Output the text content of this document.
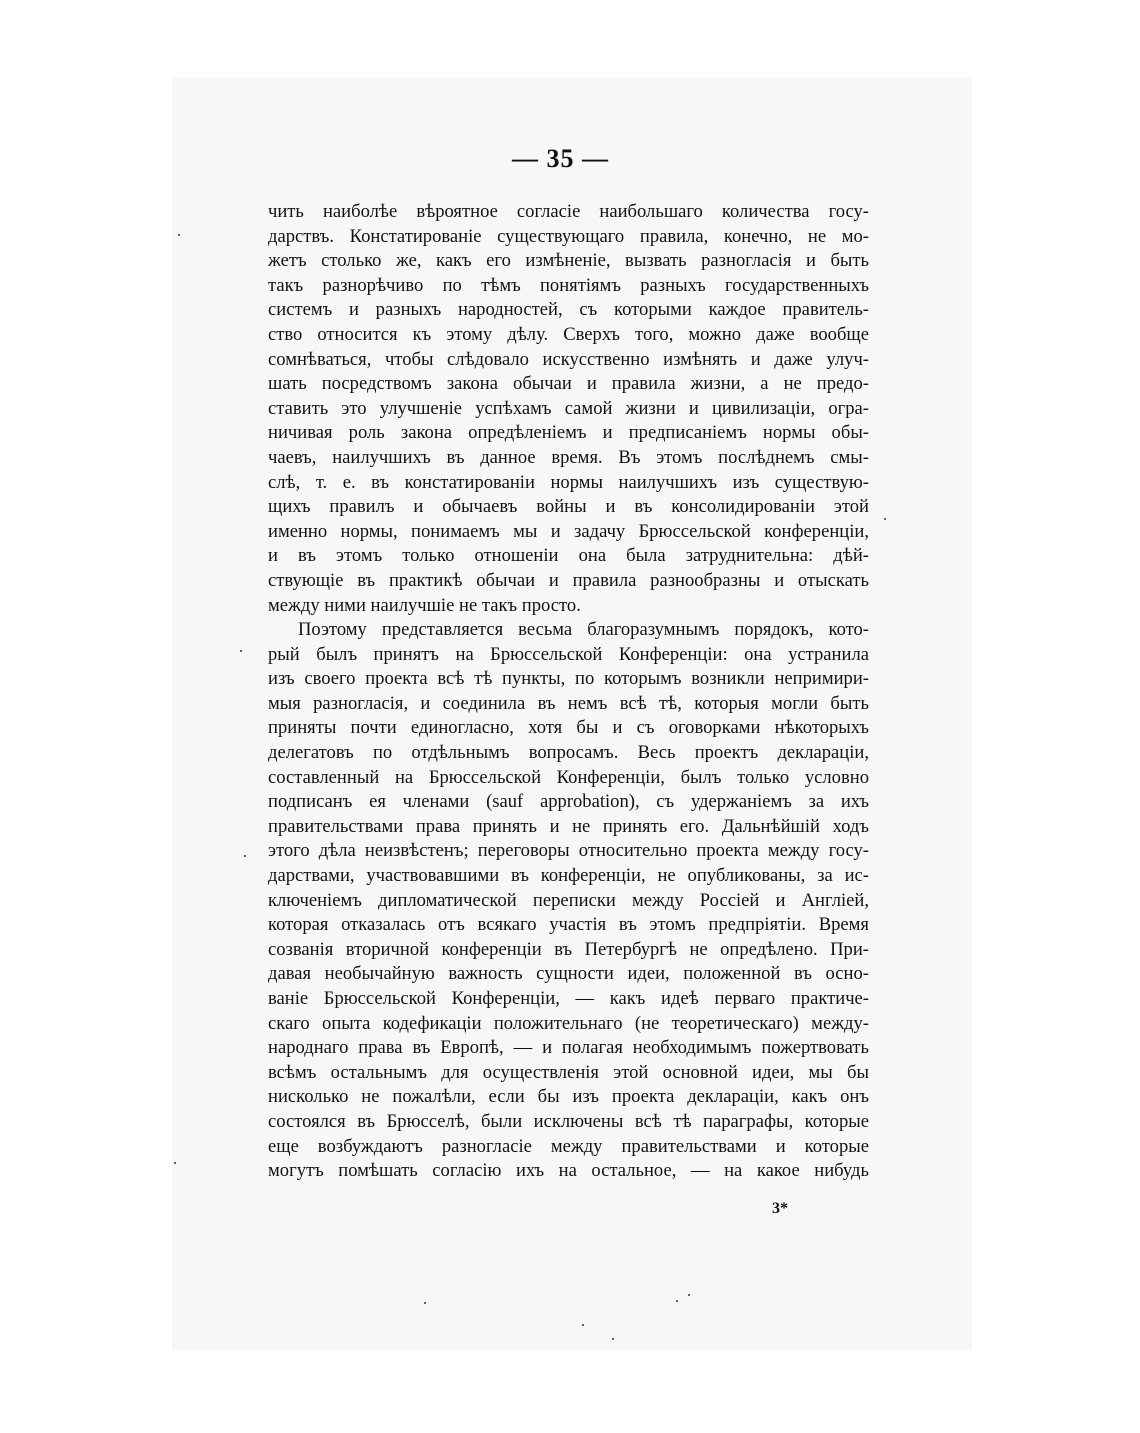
— 35 —
чить наиболѣе вѣроятное согласіе наибольшаго количества госу-
дарствъ. Констатированіе существующаго правила, конечно, не мо-
жетъ столько же, какъ его измѣненіе, вызвать разногласія и быть
такъ разнорѣчиво по тѣмъ понятіямъ разныхъ государственныхъ
системъ и разныхъ народностей, съ которыми каждое правитель-
ство относится къ этому дѣлу. Сверхъ того, можно даже вообще
сомнѣваться, чтобы слѣдовало искусственно измѣнять и даже улуч-
шать посредствомъ закона обычаи и правила жизни, а не предо-
ставить это улучшеніе успѣхамъ самой жизни и цивилизаціи, огра-
ничивая роль закона опредѣленіемъ и предписаніемъ нормы обы-
чаевъ, наилучшихъ въ данное время. Въ этомъ послѣднемъ смы-
слѣ, т. е. въ констатированіи нормы наилучшихъ изъ существую-
щихъ правилъ и обычаевъ войны и въ консолидированіи этой
именно нормы, понимаемъ мы и задачу Брюссельской конференціи,
и въ этомъ только отношеніи она была затруднительна: дѣй-
ствующіе въ практикѣ обычаи и правила разнообразны и отыскать
между ними наилучшіе не такъ просто.
Поэтому представляется весьма благоразумнымъ порядокъ, кото-
рый былъ принятъ на Брюссельской Конференціи: она устранила
изъ своего проекта всѣ тѣ пункты, по которымъ возникли непримири-
мыя разногласія, и соединила въ немъ всѣ тѣ, которыя могли быть
приняты почти единогласно, хотя бы и съ оговорками нѣкоторыхъ
делегатовъ по отдѣльнымъ вопросамъ. Весь проектъ деклараціи,
составленный на Брюссельской Конференціи, былъ только условно
подписанъ ея членами (sauf approbation), съ удержаніемъ за ихъ
правительствами права принять и не принять его. Дальнѣйшій ходъ
этого дѣла неизвѣстенъ; переговоры относительно проекта между госу-
дарствами, участвовавшими въ конференціи, не опубликованы, за ис-
ключеніемъ дипломатической переписки между Россіей и Англіей,
которая отказалась отъ всякаго участія въ этомъ предпріятіи. Время
созванія вторичной конференціи въ Петербургѣ не опредѣлено. При-
давая необычайную важность сущности идеи, положенной въ осно-
ваніе Брюссельской Конференціи, — какъ идеѣ перваго практиче-
скаго опыта кодефикаціи положительнаго (не теоретическаго) между-
народнаго права въ Европѣ, — и полагая необходимымъ пожертвовать
всѣмъ остальнымъ для осуществленія этой основной идеи, мы бы
нисколько не пожалѣли, если бы изъ проекта деклараціи, какъ онъ
состоялся въ Брюсселѣ, были исключены всѣ тѣ параграфы, которые
еще возбуждаютъ разногласіе между правительствами и которые
могутъ помѣшать согласію ихъ на остальное, — на какое нибудь
3*
